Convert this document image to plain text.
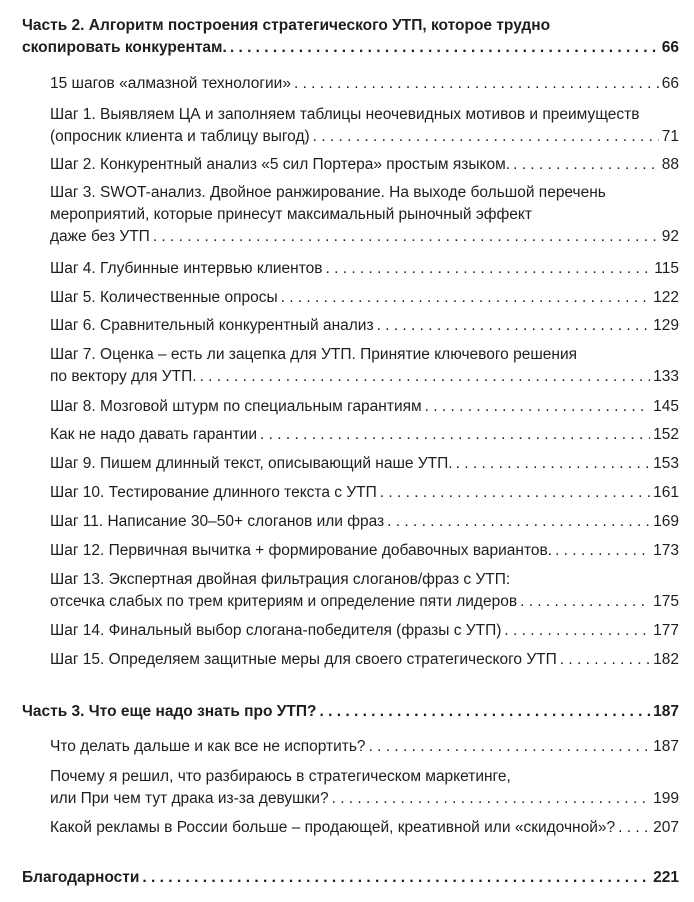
Часть 2. Алгоритм построения стратегического УТП, которое трудно
скопировать конкурентам. . . .	66
15 шагов «алмазной технологии» . . .	66
Шаг 1. Выявляем ЦА и заполняем таблицы неочевидных мотивов и преимуществ
(опросник клиента и таблицу выгод) . . .	71
Шаг 2. Конкурентный анализ «5 сил Портера» простым языком. . . .	88
Шаг 3. SWOT-анализ. Двойное ранжирование. На выходе большой перечень
мероприятий, которые принесут максимальный рыночный эффект
даже без УТП . . .	92
Шаг 4. Глубинные интервью клиентов . . .	115
Шаг 5. Количественные опросы . . .	122
Шаг 6. Сравнительный конкурентный анализ . . .	129
Шаг 7. Оценка – есть ли зацепка для УТП. Принятие ключевого решения
по вектору для УТП. . . .	133
Шаг 8. Мозговой штурм по специальным гарантиям . . .	145
Как не надо давать гарантии . . .	152
Шаг 9. Пишем длинный текст, описывающий наше УТП. . . .	153
Шаг 10. Тестирование длинного текста с УТП . . .	161
Шаг 11. Написание 30–50+ слоганов или фраз . . .	169
Шаг 12. Первичная вычитка + формирование добавочных вариантов. . . .	173
Шаг 13. Экспертная двойная фильтрация слоганов/фраз с УТП:
отсечка слабых по трем критериям и определение пяти лидеров . . .	175
Шаг 14. Финальный выбор слогана-победителя (фразы с УТП) . . .	177
Шаг 15. Определяем защитные меры для своего стратегического УТП . . .	182
Часть 3. Что еще надо знать про УТП? . . .	187
Что делать дальше и как все не испортить? . . .	187
Почему я решил, что разбираюсь в стратегическом маркетинге,
или При чем тут драка из-за девушки? . . .	199
Какой рекламы в России больше – продающей, креативной или «скидочной»? . . . 207
Благодарности . . .	221
